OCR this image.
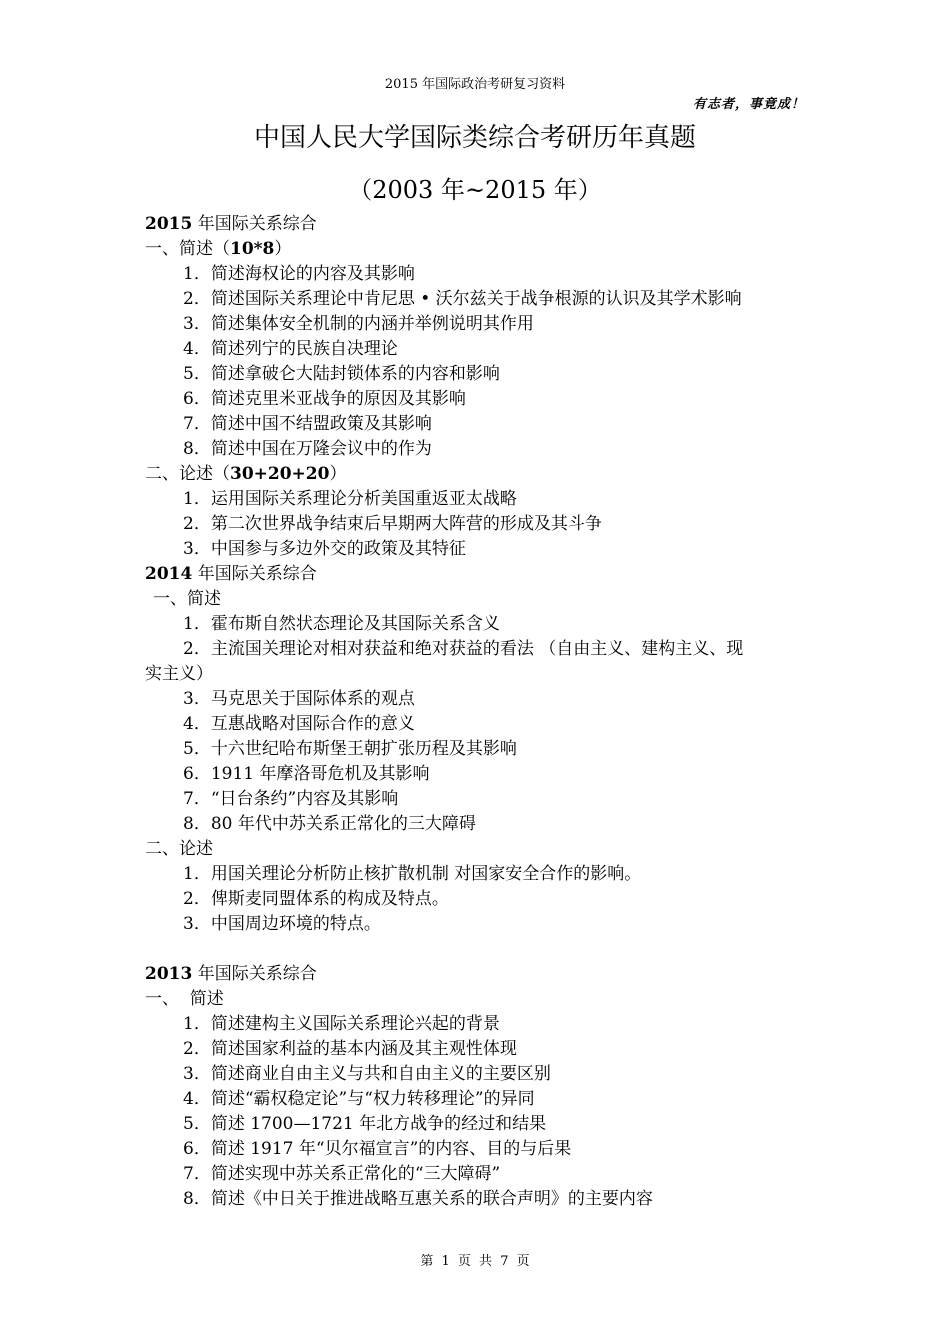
2015 年国际政治考研复习资料
有志者，事竟成！
中国人民大学国际类综合考研历年真题
（2003 年~2015 年）
2015 年国际关系综合
一、简述（10*8）
1．简述海权论的内容及其影响
2．简述国际关系理论中肯尼思 • 沃尔兹关于战争根源的认识及其学术影响
3．简述集体安全机制的内涵并举例说明其作用
4．简述列宁的民族自决理论
5．简述拿破仑大陆封锁体系的内容和影响
6．简述克里米亚战争的原因及其影响
7．简述中国不结盟政策及其影响
8．简述中国在万隆会议中的作为
二、论述（30+20+20）
1．运用国际关系理论分析美国重返亚太战略
2．第二次世界战争结束后早期两大阵营的形成及其斗争
3．中国参与多边外交的政策及其特征
2014 年国际关系综合
一、简述
1．霍布斯自然状态理论及其国际关系含义
2．主流国关理论对相对获益和绝对获益的看法 （自由主义、建构主义、现
实主义）
3．马克思关于国际体系的观点
4．互惠战略对国际合作的意义
5．十六世纪哈布斯堡王朝扩张历程及其影响
6．1911 年摩洛哥危机及其影响
7．“日台条约”内容及其影响
8．80 年代中苏关系正常化的三大障碍
二、论述
1．用国关理论分析防止核扩散机制 对国家安全合作的影响。
2．俾斯麦同盟体系的构成及特点。
3．中国周边环境的特点。
2013 年国际关系综合
一、  简述
1．简述建构主义国际关系理论兴起的背景
2．简述国家利益的基本内涵及其主观性体现
3．简述商业自由主义与共和自由主义的主要区别
4．简述“霸权稳定论”与“权力转移理论”的异同
5．简述 1700—1721 年北方战争的经过和结果
6．简述 1917 年“贝尔福宣言”的内容、目的与后果
7．简述实现中苏关系正常化的“三大障碍”
8．简述《中日关于推进战略互惠关系的联合声明》的主要内容
第 1 页 共 7 页
